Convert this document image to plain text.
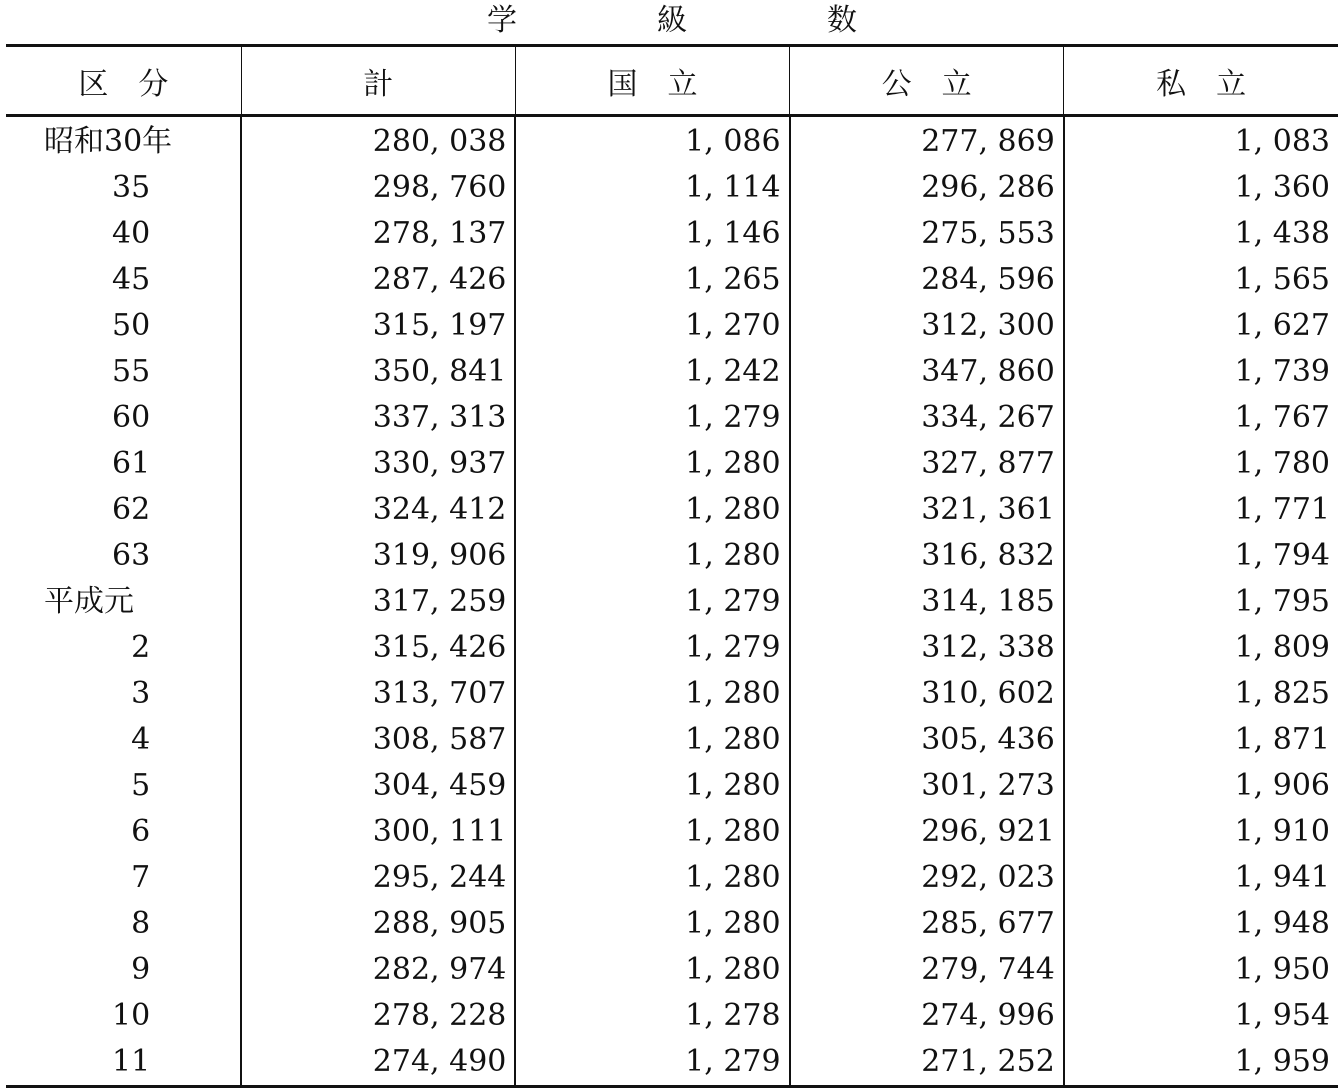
学	級	数
区　分	計	国　立	公　立	私　立
昭和30年	280, 038	1, 086	277, 869	1, 083

35	298, 760	1, 114	296, 286	1, 360

40	278, 137	1, 146	275, 553	1, 438

45	287, 426	1, 265	284, 596	1, 565

50	315, 197	1, 270	312, 300	1, 627

55	350, 841	1, 242	347, 860	1, 739

60	337, 313	1, 279	334, 267	1, 767

61	330, 937	1, 280	327, 877	1, 780

62	324, 412	1, 280	321, 361	1, 771

63	319, 906	1, 280	316, 832	1, 794
平成元	317, 259	1, 279	314, 185	1, 795

2	315, 426	1, 279	312, 338	1, 809

3	313, 707	1, 280	310, 602	1, 825

4	308, 587	1, 280	305, 436	1, 871

5	304, 459	1, 280	301, 273	1, 906

6	300, 111	1, 280	296, 921	1, 910

7	295, 244	1, 280	292, 023	1, 941

8	288, 905	1, 280	285, 677	1, 948

9	282, 974	1, 280	279, 744	1, 950

10	278, 228	1, 278	274, 996	1, 954

11	274, 490	1, 279	271, 252	1, 959
